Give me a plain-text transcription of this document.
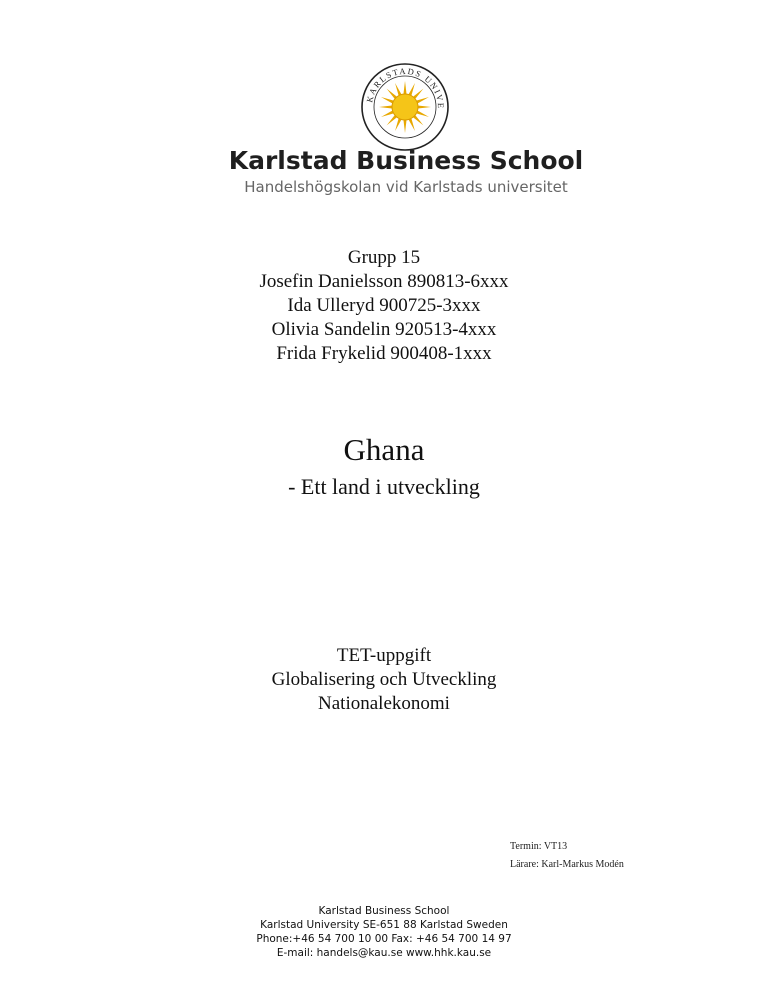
KARLSTADS UNIVE
Karlstad Business School
Handelshögskolan vid Karlstads universitet
Grupp 15
Josefin Danielsson 890813-6xxx
Ida Ulleryd 900725-3xxx
Olivia Sandelin 920513-4xxx
Frida Frykelid 900408-1xxx
Ghana
- Ett land i utveckling
TET-uppgift
Globalisering och Utveckling
Nationalekonomi
Termin: VT13
Lärare: Karl-Markus Modén
Karlstad Business School
Karlstad University SE-651 88 Karlstad Sweden
Phone:+46 54 700 10 00 Fax: +46 54 700 14 97
E-mail: handels@kau.se www.hhk.kau.se
